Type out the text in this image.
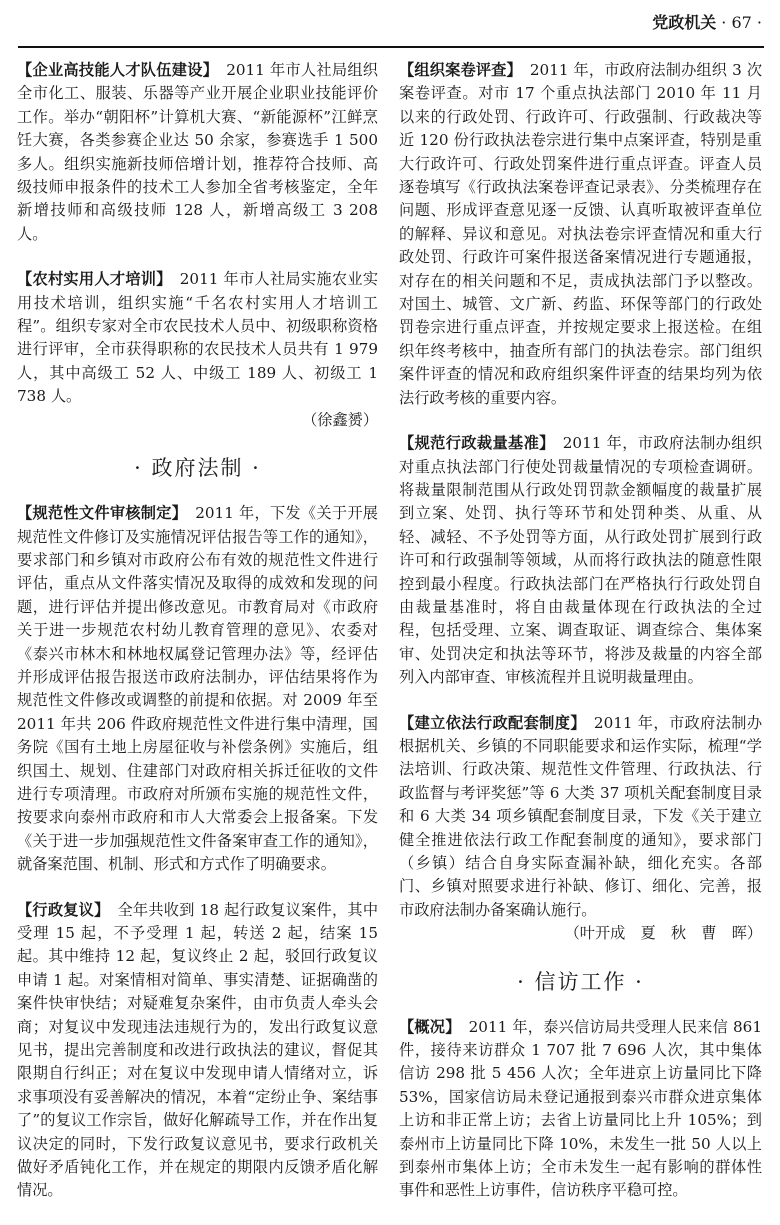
党政机关 · 67 ·
【企业高技能人才队伍建设】 2011 年市人社局组织全市化工、服装、乐器等产业开展企业职业技能评价工作。举办“朝阳杯”计算机大赛、“新能源杯”江鲜烹饪大赛，各类参赛企业达 50 余家，参赛选手 1 500 多人。组织实施新技师倍增计划，推荐符合技师、高级技师申报条件的技术工人参加全省考核鉴定，全年新增技师和高级技师 128 人，新增高级工 3 208 人。
【农村实用人才培训】 2011 年市人社局实施农业实用技术培训，组织实施“千名农村实用人才培训工程”。组织专家对全市农民技术人员中、初级职称资格进行评审，全市获得职称的农民技术人员共有 1 979 人，其中高级工 52 人、中级工 189 人、初级工 1 738 人。
（徐鑫赟）
· 政府法制 ·
【规范性文件审核制定】 2011 年，下发《关于开展规范性文件修订及实施情况评估报告等工作的通知》，要求部门和乡镇对市政府公布有效的规范性文件进行评估，重点从文件落实情况及取得的成效和发现的问题，进行评估并提出修改意见。市教育局对《市政府关于进一步规范农村幼儿教育管理的意见》、农委对《泰兴市林木和林地权属登记管理办法》等，经评估并形成评估报告报送市政府法制办，评估结果将作为规范性文件修改或调整的前提和依据。对 2009 年至 2011 年共 206 件政府规范性文件进行集中清理，国务院《国有土地上房屋征收与补偿条例》实施后，组织国土、规划、住建部门对政府相关拆迁征收的文件进行专项清理。市政府对所颁布实施的规范性文件，按要求向泰州市政府和市人大常委会上报备案。下发《关于进一步加强规范性文件备案审查工作的通知》，就备案范围、机制、形式和方式作了明确要求。
【行政复议】 全年共收到 18 起行政复议案件，其中受理 15 起，不予受理 1 起，转送 2 起，结案 15 起。其中维持 12 起，复议终止 2 起，驳回行政复议申请 1 起。对案情相对简单、事实清楚、证据确凿的案件快审快结；对疑难复杂案件，由市负责人牵头会商；对复议中发现违法违规行为的，发出行政复议意见书，提出完善制度和改进行政执法的建议，督促其限期自行纠正；对在复议中发现申请人情绪对立，诉求事项没有妥善解决的情况，本着“定纷止争、案结事了”的复议工作宗旨，做好化解疏导工作，并在作出复议决定的同时，下发行政复议意见书，要求行政机关做好矛盾钝化工作，并在规定的期限内反馈矛盾化解情况。
【组织案卷评查】 2011 年，市政府法制办组织 3 次案卷评查。对市 17 个重点执法部门 2010 年 11 月以来的行政处罚、行政许可、行政强制、行政裁决等近 120 份行政执法卷宗进行集中点案评查，特别是重大行政许可、行政处罚案件进行重点评查。评查人员逐卷填写《行政执法案卷评查记录表》、分类梳理存在问题、形成评查意见逐一反馈、认真听取被评查单位的解释、异议和意见。对执法卷宗评查情况和重大行政处罚、行政许可案件报送备案情况进行专题通报，对存在的相关问题和不足，责成执法部门予以整改。对国土、城管、文广新、药监、环保等部门的行政处罚卷宗进行重点评查，并按规定要求上报送检。在组织年终考核中，抽查所有部门的执法卷宗。部门组织案件评查的情况和政府组织案件评查的结果均列为依法行政考核的重要内容。
【规范行政裁量基准】 2011 年，市政府法制办组织对重点执法部门行使处罚裁量情况的专项检查调研。将裁量限制范围从行政处罚罚款金额幅度的裁量扩展到立案、处罚、执行等环节和处罚种类、从重、从轻、减轻、不予处罚等方面，从行政处罚扩展到行政许可和行政强制等领域，从而将行政执法的随意性限控到最小程度。行政执法部门在严格执行行政处罚自由裁量基准时，将自由裁量体现在行政执法的全过程，包括受理、立案、调查取证、调查综合、集体案审、处罚决定和执法等环节，将涉及裁量的内容全部列入内部审查、审核流程并且说明裁量理由。
【建立依法行政配套制度】 2011 年，市政府法制办根据机关、乡镇的不同职能要求和运作实际，梳理“学法培训、行政决策、规范性文件管理、行政执法、行政监督与考评奖惩”等 6 大类 37 项机关配套制度目录和 6 大类 34 项乡镇配套制度目录，下发《关于建立健全推进依法行政工作配套制度的通知》，要求部门（乡镇）结合自身实际查漏补缺，细化充实。各部门、乡镇对照要求进行补缺、修订、细化、完善，报市政府法制办备案确认施行。
（叶开成　夏　秋　曹　晖）
· 信访工作 ·
【概况】 2011 年，泰兴信访局共受理人民来信 861 件，接待来访群众 1 707 批 7 696 人次，其中集体信访 298 批 5 456 人次；全年进京上访量同比下降 53%，国家信访局未登记通报到泰兴市群众进京集体上访和非正常上访；去省上访量同比上升 105%；到泰州市上访量同比下降 10%，未发生一批 50 人以上到泰州市集体上访；全市未发生一起有影响的群体性事件和恶性上访事件，信访秩序平稳可控。
